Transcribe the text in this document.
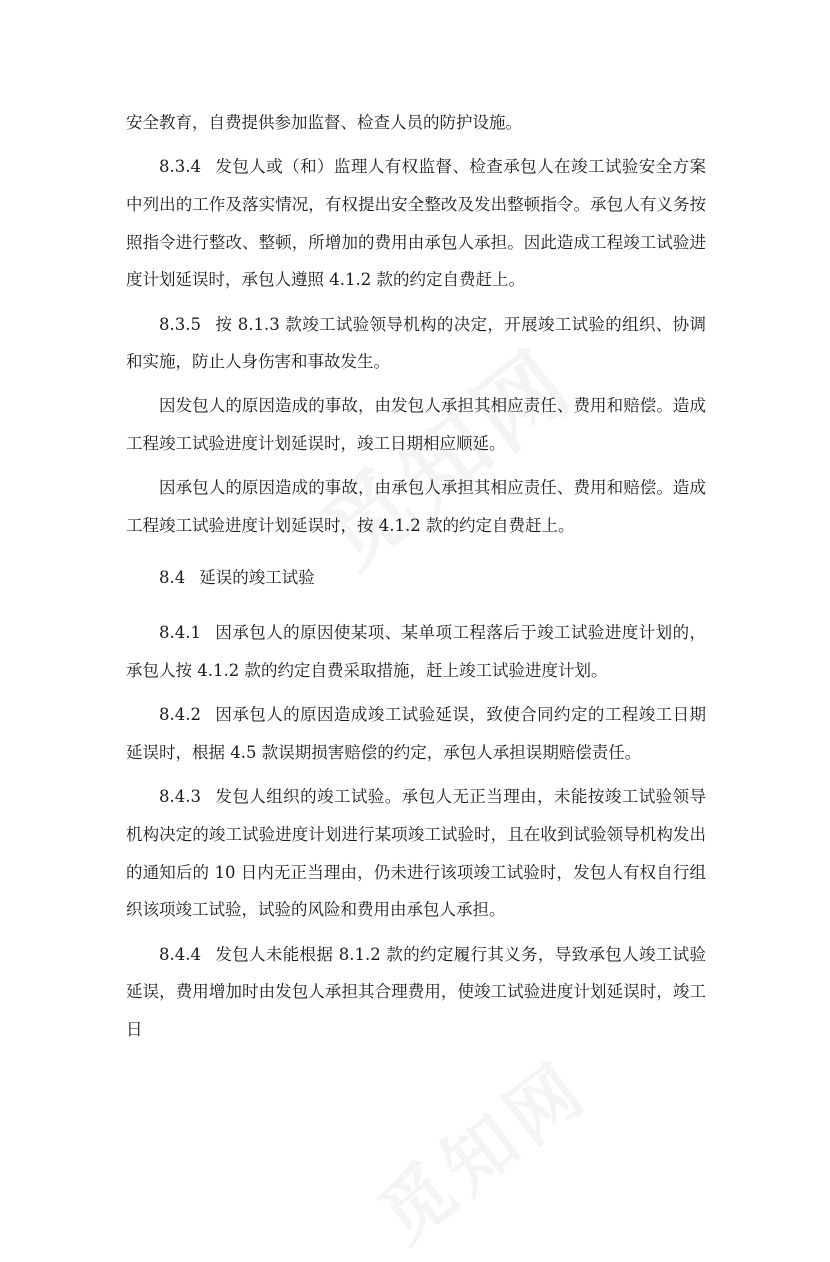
安全教育，自费提供参加监督、检查人员的防护设施。

8.3.4 发包人或（和）监理人有权监督、检查承包人在竣工试验安全方案中列出的工作及落实情况，有权提出安全整改及发出整顿指令。承包人有义务按照指令进行整改、整顿，所增加的费用由承包人承担。因此造成工程竣工试验进度计划延误时，承包人遵照 4.1.2 款的约定自费赶上。

8.3.5 按 8.1.3 款竣工试验领导机构的决定，开展竣工试验的组织、协调和实施，防止人身伤害和事故发生。

因发包人的原因造成的事故，由发包人承担其相应责任、费用和赔偿。造成工程竣工试验进度计划延误时，竣工日期相应顺延。

因承包人的原因造成的事故，由承包人承担其相应责任、费用和赔偿。造成工程竣工试验进度计划延误时，按 4.1.2 款的约定自费赶上。

8.4 延误的竣工试验

8.4.1 因承包人的原因使某项、某单项工程落后于竣工试验进度计划的，承包人按 4.1.2 款的约定自费采取措施，赶上竣工试验进度计划。

8.4.2 因承包人的原因造成竣工试验延误，致使合同约定的工程竣工日期延误时，根据 4.5 款误期损害赔偿的约定，承包人承担误期赔偿责任。

8.4.3 发包人组织的竣工试验。承包人无正当理由，未能按竣工试验领导机构决定的竣工试验进度计划进行某项竣工试验时，且在收到试验领导机构发出的通知后的 10 日内无正当理由，仍未进行该项竣工试验时，发包人有权自行组织该项竣工试验，试验的风险和费用由承包人承担。

8.4.4 发包人未能根据 8.1.2 款的约定履行其义务，导致承包人竣工试验延误，费用增加时由发包人承担其合理费用，使竣工试验进度计划延误时，竣工日
